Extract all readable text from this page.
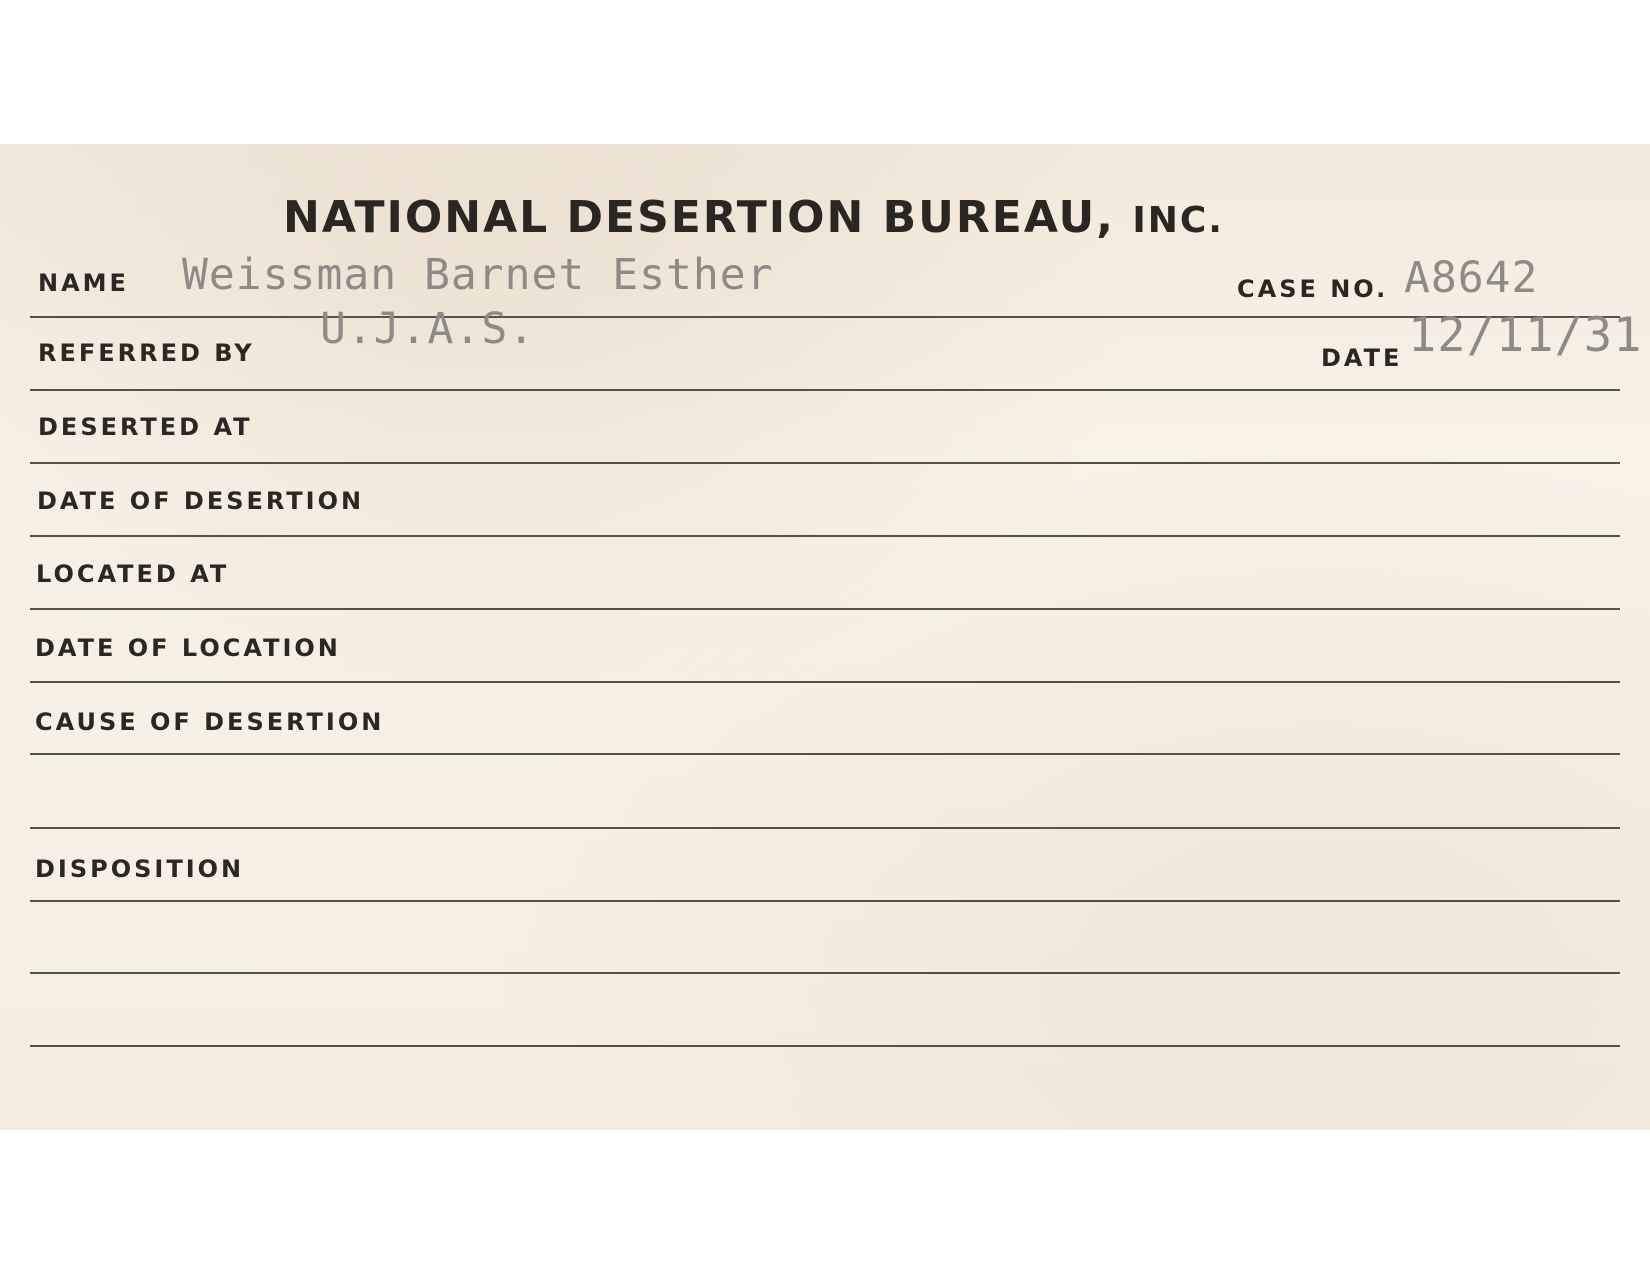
NATIONAL DESERTION BUREAU, INC.
NAME Weissman Barnet Esther	CASE NO. A8642
REFERRED BY U.J.A.S.
DATE 12/11/31
DESERTED AT
DATE OF DESERTION
LOCATED AT
DATE OF LOCATION
CAUSE OF DESERTION
DISPOSITION
